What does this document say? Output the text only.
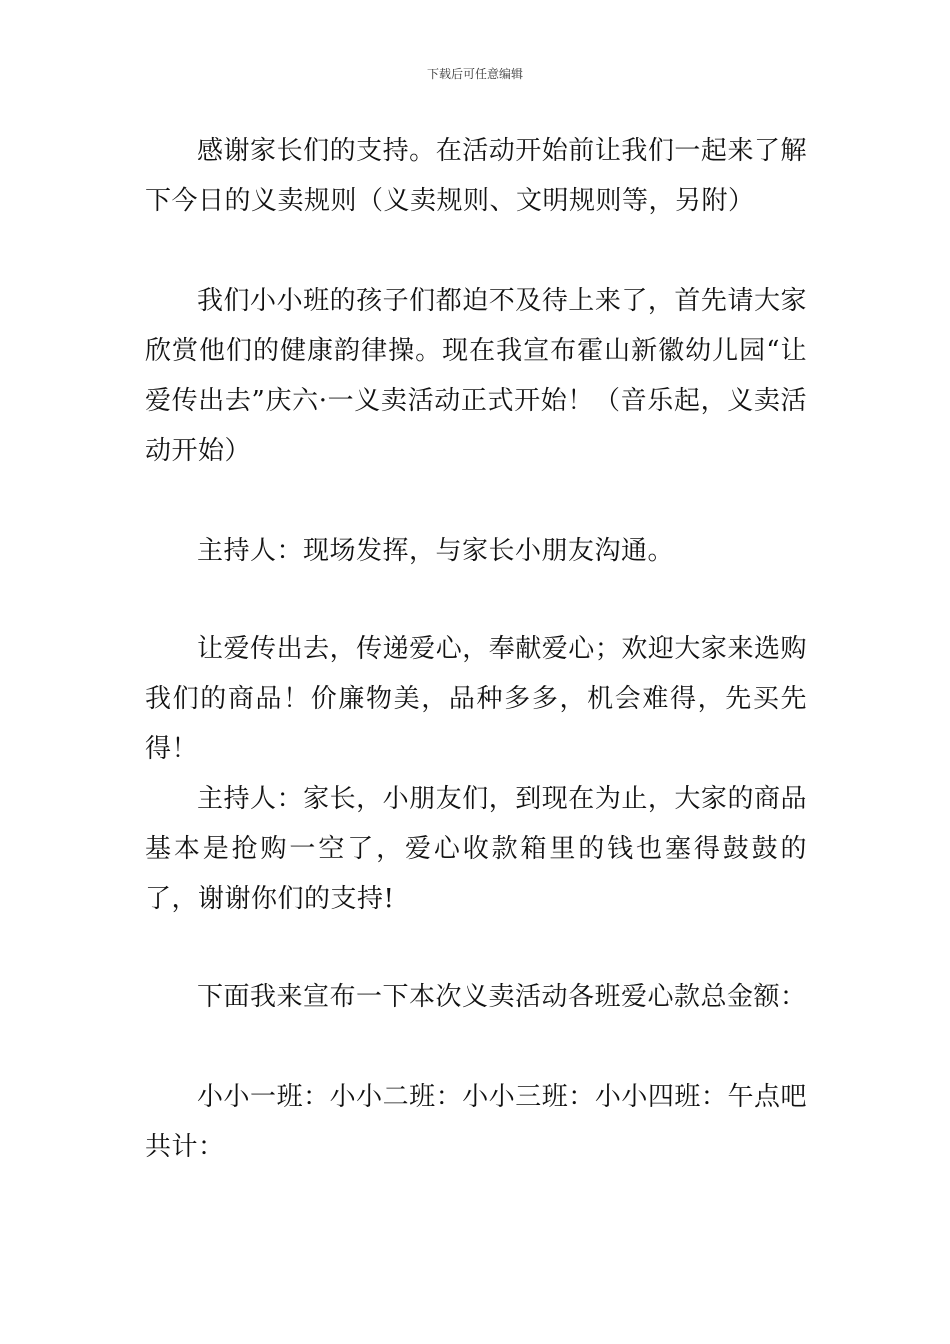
下载后可任意编辑

感谢家长们的支持。在活动开始前让我们一起来了解下今日的义卖规则（义卖规则、文明规则等，另附）

我们小小班的孩子们都迫不及待上来了，首先请大家欣赏他们的健康韵律操。现在我宣布霍山新徽幼儿园“让爱传出去”庆六·一义卖活动正式开始！（音乐起，义卖活动开始）

主持人：现场发挥，与家长小朋友沟通。

让爱传出去，传递爱心，奉献爱心；欢迎大家来选购我们的商品！价廉物美，品种多多，机会难得，先买先得！

主持人：家长，小朋友们，到现在为止，大家的商品基本是抢购一空了，爱心收款箱里的钱也塞得鼓鼓的了，谢谢你们的支持!

下面我来宣布一下本次义卖活动各班爱心款总金额：

小小一班：小小二班：小小三班：小小四班：午点吧共计：
